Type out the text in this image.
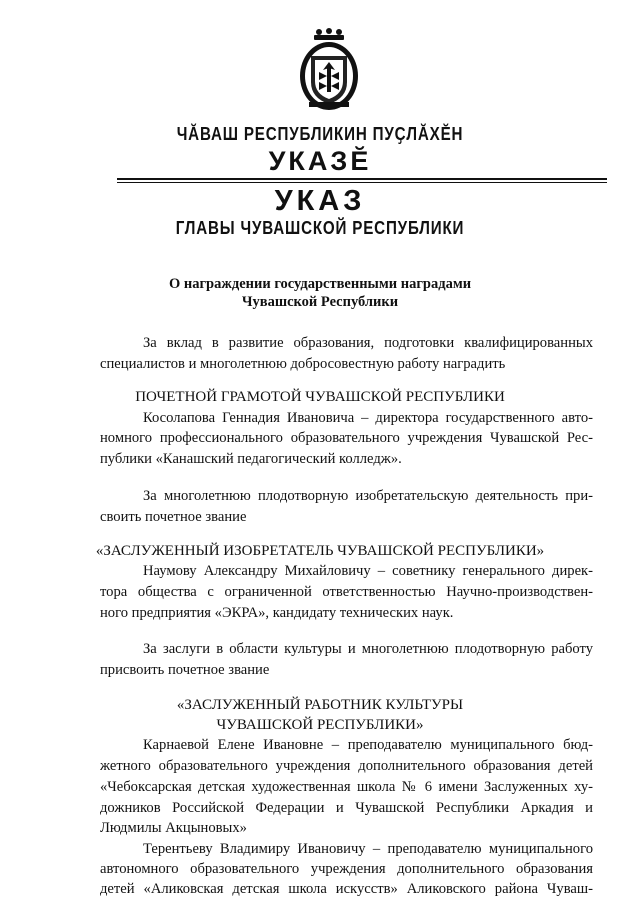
ЧӐВАШ РЕСПУБЛИКИН ПУҪЛӐХӖН
УКАЗӖ
УКАЗ
ГЛАВЫ ЧУВАШСКОЙ РЕСПУБЛИКИ
О награждении государственными наградами
Чувашской Республики
За вклад в развитие образования, подготовки квалифицированных
специалистов и многолетнюю добросовестную работу наградить
ПОЧЕТНОЙ ГРАМОТОЙ ЧУВАШСКОЙ РЕСПУБЛИКИ
Косолапова Геннадия Ивановича – директора государственного авто-
номного профессионального образовательного учреждения Чувашской Рес-
публики «Канашский педагогический колледж».
За многолетнюю плодотворную изобретательскую деятельность при-
своить почетное звание
«ЗАСЛУЖЕННЫЙ ИЗОБРЕТАТЕЛЬ ЧУВАШСКОЙ РЕСПУБЛИКИ»
Наумову Александру Михайловичу – советнику генерального дирек-
тора общества с ограниченной ответственностью Научно-производствен-
ного предприятия «ЭКРА», кандидату технических наук.
За заслуги в области культуры и многолетнюю плодотворную работу
присвоить почетное звание
«ЗАСЛУЖЕННЫЙ РАБОТНИК КУЛЬТУРЫ
ЧУВАШСКОЙ РЕСПУБЛИКИ»
Карнаевой Елене Ивановне – преподавателю муниципального бюд-
жетного образовательного учреждения дополнительного образования детей
«Чебоксарская детская художественная школа № 6 имени Заслуженных ху-
дожников Российской Федерации и Чувашской Республики Аркадия и
Людмилы Акцыновых»
Терентьеву Владимиру Ивановичу – преподавателю муниципального
автономного образовательного учреждения дополнительного образования
детей «Аликовская детская школа искусств» Аликовского района Чуваш-
